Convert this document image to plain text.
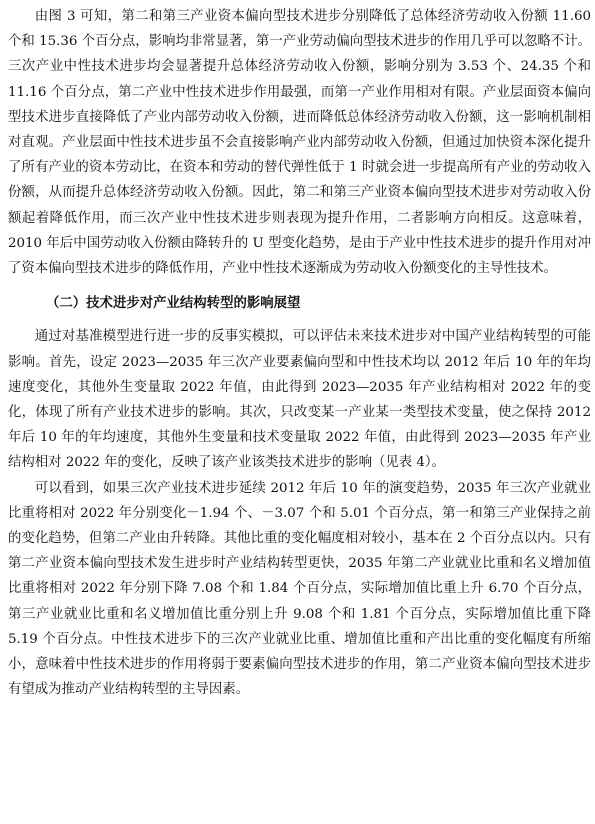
由图 3 可知，第二和第三产业资本偏向型技术进步分别降低了总体经济劳动收入份额 11.60 个和 15.36 个百分点，影响均非常显著，第一产业劳动偏向型技术进步的作用几乎可以忽略不计。三次产业中性技术进步均会显著提升总体经济劳动收入份额，影响分别为 3.53 个、24.35 个和 11.16 个百分点，第二产业中性技术进步作用最强，而第一产业作用相对有限。产业层面资本偏向型技术进步直接降低了产业内部劳动收入份额，进而降低总体经济劳动收入份额，这一影响机制相对直观。产业层面中性技术进步虽不会直接影响产业内部劳动收入份额，但通过加快资本深化提升了所有产业的资本劳动比，在资本和劳动的替代弹性低于 1 时就会进一步提高所有产业的劳动收入份额，从而提升总体经济劳动收入份额。因此，第二和第三产业资本偏向型技术进步对劳动收入份额起着降低作用，而三次产业中性技术进步则表现为提升作用，二者影响方向相反。这意味着，2010 年后中国劳动收入份额由降转升的 U 型变化趋势，是由于产业中性技术进步的提升作用对冲了资本偏向型技术进步的降低作用，产业中性技术逐渐成为劳动收入份额变化的主导性技术。

（二）技术进步对产业结构转型的影响展望

通过对基准模型进行进一步的反事实模拟，可以评估未来技术进步对中国产业结构转型的可能影响。首先，设定 2023—2035 年三次产业要素偏向型和中性技术均以 2012 年后 10 年的年均速度变化，其他外生变量取 2022 年值，由此得到 2023—2035 年产业结构相对 2022 年的变化，体现了所有产业技术进步的影响。其次，只改变某一产业某一类型技术变量，使之保持 2012 年后 10 年的年均速度，其他外生变量和技术变量取 2022 年值，由此得到 2023—2035 年产业结构相对 2022 年的变化，反映了该产业该类技术进步的影响（见表 4）。

可以看到，如果三次产业技术进步延续 2012 年后 10 年的演变趋势，2035 年三次产业就业比重将相对 2022 年分别变化－1.94 个、－3.07 个和 5.01 个百分点，第一和第三产业保持之前的变化趋势，但第二产业由升转降。其他比重的变化幅度相对较小，基本在 2 个百分点以内。只有第二产业资本偏向型技术发生进步时产业结构转型更快，2035 年第二产业就业比重和名义增加值比重将相对 2022 年分别下降 7.08 个和 1.84 个百分点，实际增加值比重上升 6.70 个百分点，第三产业就业比重和名义增加值比重分别上升 9.08 个和 1.81 个百分点，实际增加值比重下降 5.19 个百分点。中性技术进步下的三次产业就业比重、增加值比重和产出比重的变化幅度有所缩小，意味着中性技术进步的作用将弱于要素偏向型技术进步的作用，第二产业资本偏向型技术进步有望成为推动产业结构转型的主导因素。
